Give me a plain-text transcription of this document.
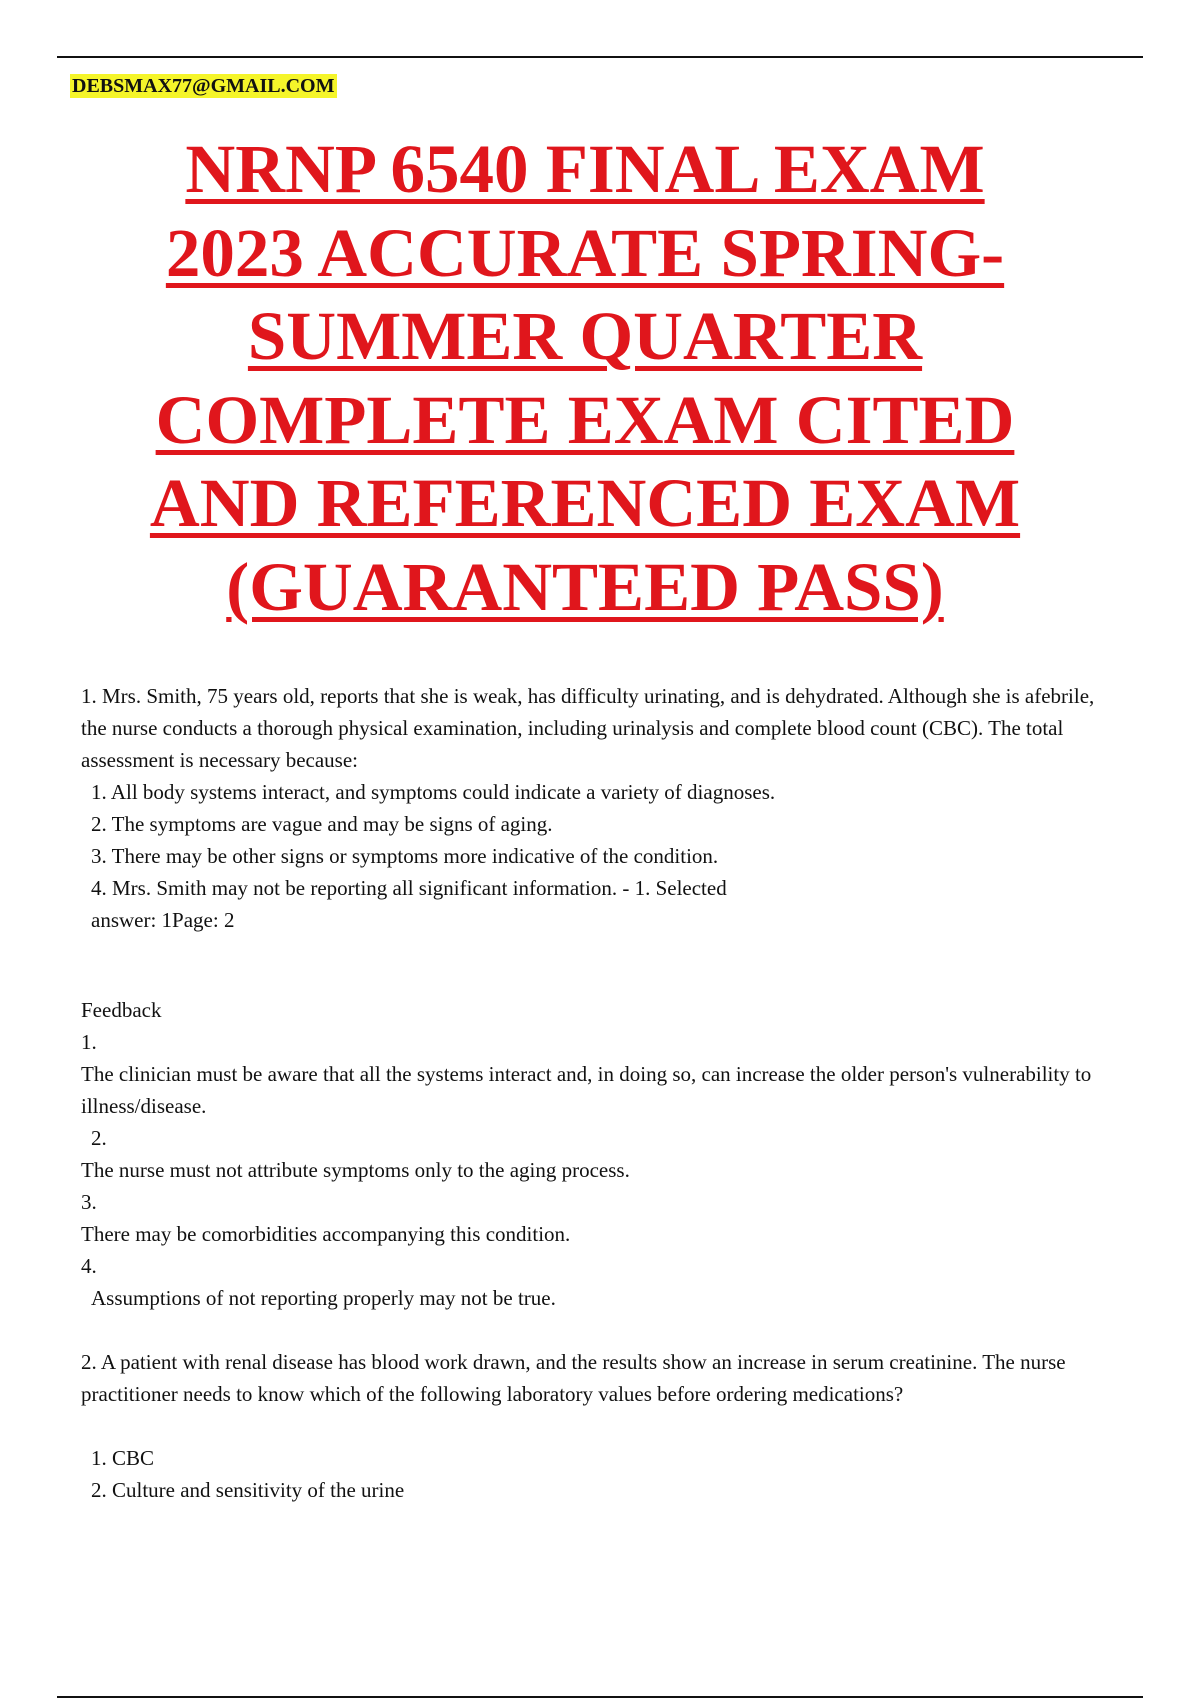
DEBSMAX77@GMAIL.COM
NRNP 6540 FINAL EXAM
2023 ACCURATE SPRING-
SUMMER QUARTER
COMPLETE EXAM CITED
AND REFERENCED EXAM
(GUARANTEED PASS)

1. Mrs. Smith, 75 years old, reports that she is weak, has difficulty urinating, and is dehydrated. Although she is afebrile, the nurse conducts a thorough physical examination, including urinalysis and complete blood count (CBC). The total assessment is necessary because:

1. All body systems interact, and symptoms could indicate a variety of diagnoses.

2. The symptoms are vague and may be signs of aging.

3. There may be other signs or symptoms more indicative of the condition.

4. Mrs. Smith may not be reporting all significant information. - 1. Selected

answer: 1Page: 2

Feedback

1.

The clinician must be aware that all the systems interact and, in doing so, can increase the older person's vulnerability to illness/disease.

2.

The nurse must not attribute symptoms only to the aging process.

3.

There may be comorbidities accompanying this condition.

4.

Assumptions of not reporting properly may not be true.

2. A patient with renal disease has blood work drawn, and the results show an increase in serum creatinine. The nurse practitioner needs to know which of the following laboratory values before ordering medications?

1. CBC

2. Culture and sensitivity of the urine
